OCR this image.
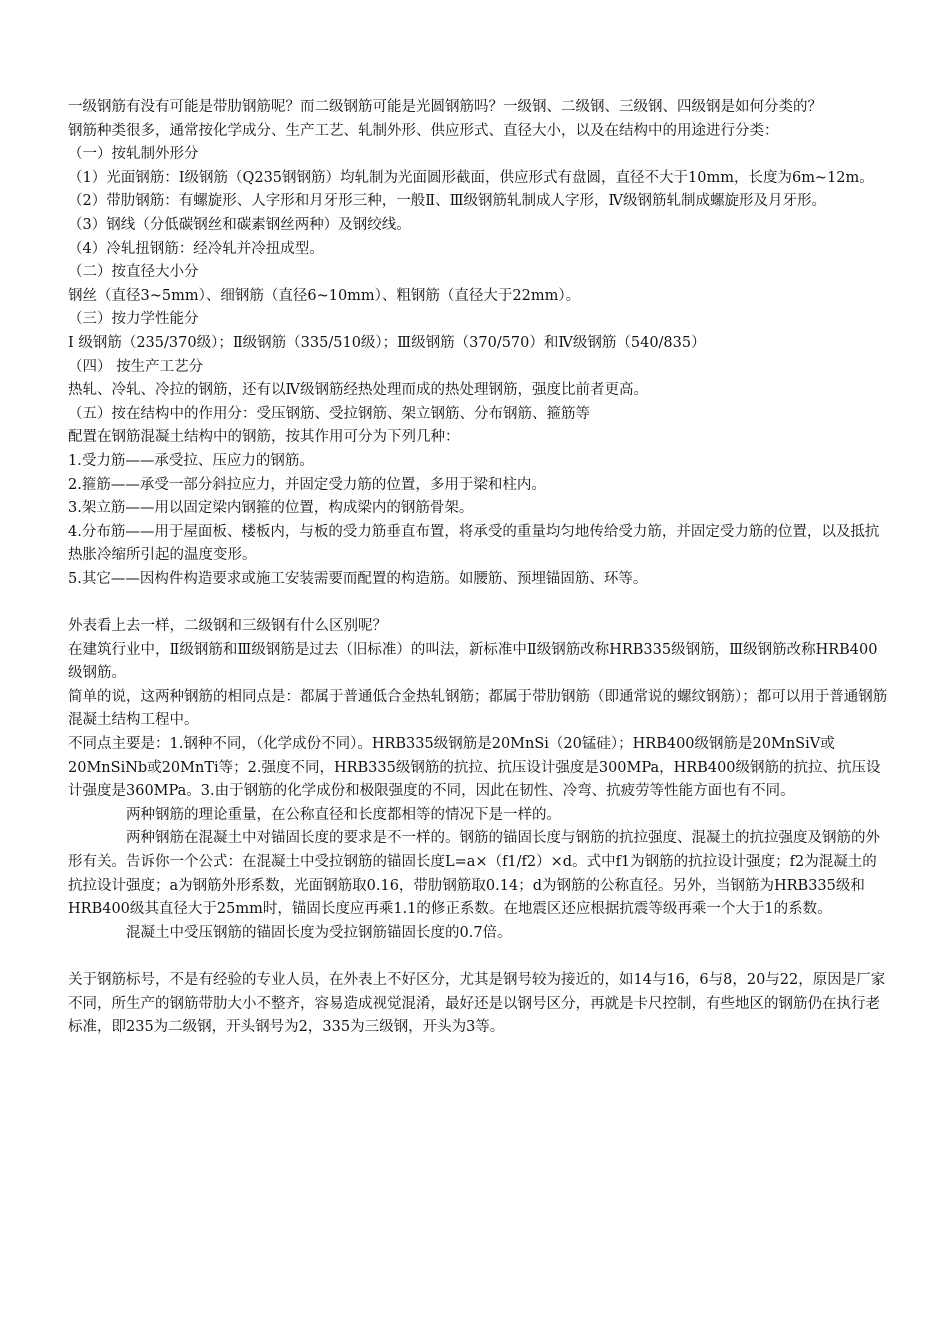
一级钢筋有没有可能是带肋钢筋呢？而二级钢筋可能是光圆钢筋吗？一级钢、二级钢、三级钢、四级钢是如何分类的？

钢筋种类很多，通常按化学成分、生产工艺、轧制外形、供应形式、直径大小，以及在结构中的用途进行分类：

（一）按轧制外形分

（1）光面钢筋：I级钢筋（Q235钢钢筋）均轧制为光面圆形截面，供应形式有盘圆，直径不大于10mm，长度为6m~12m。

（2）带肋钢筋：有螺旋形、人字形和月牙形三种，一般Ⅱ、Ⅲ级钢筋轧制成人字形，Ⅳ级钢筋轧制成螺旋形及月牙形。

（3）钢线（分低碳钢丝和碳素钢丝两种）及钢绞线。

（4）冷轧扭钢筋：经冷轧并冷扭成型。

（二）按直径大小分

钢丝（直径3~5mm）、细钢筋（直径6~10mm）、粗钢筋（直径大于22mm）。

（三）按力学性能分

Ⅰ 级钢筋（235/370级）；Ⅱ级钢筋（335/510级）；Ⅲ级钢筋（370/570）和Ⅳ级钢筋（540/835）

（四） 按生产工艺分

热轧、冷轧、冷拉的钢筋，还有以Ⅳ级钢筋经热处理而成的热处理钢筋，强度比前者更高。

（五）按在结构中的作用分：受压钢筋、受拉钢筋、架立钢筋、分布钢筋、箍筋等

配置在钢筋混凝土结构中的钢筋，按其作用可分为下列几种：

1.受力筋——承受拉、压应力的钢筋。

2.箍筋——承受一部分斜拉应力，并固定受力筋的位置，多用于梁和柱内。

3.架立筋——用以固定梁内钢箍的位置，构成梁内的钢筋骨架。

4.分布筋——用于屋面板、楼板内，与板的受力筋垂直布置，将承受的重量均匀地传给受力筋，并固定受力筋的位置，以及抵抗热胀冷缩所引起的温度变形。

5.其它——因构件构造要求或施工安装需要而配置的构造筋。如腰筋、预埋锚固筋、环等。

外表看上去一样，二级钢和三级钢有什么区别呢？

在建筑行业中，Ⅱ级钢筋和Ⅲ级钢筋是过去（旧标准）的叫法，新标准中Ⅱ级钢筋改称HRB335级钢筋，Ⅲ级钢筋改称HRB400级钢筋。

简单的说，这两种钢筋的相同点是：都属于普通低合金热轧钢筋；都属于带肋钢筋（即通常说的螺纹钢筋）；都可以用于普通钢筋混凝土结构工程中。

不同点主要是：1.钢种不同，（化学成份不同）。HRB335级钢筋是20MnSi（20锰硅）；HRB400级钢筋是20MnSiV或20MnSiNb或20MnTi等；2.强度不同，HRB335级钢筋的抗拉、抗压设计强度是300MPa，HRB400级钢筋的抗拉、抗压设计强度是360MPa。3.由于钢筋的化学成份和极限强度的不同，因此在韧性、冷弯、抗疲劳等性能方面也有不同。

两种钢筋的理论重量，在公称直径和长度都相等的情况下是一样的。

两种钢筋在混凝土中对锚固长度的要求是不一样的。钢筋的锚固长度与钢筋的抗拉强度、混凝土的抗拉强度及钢筋的外形有关。告诉你一个公式：在混凝土中受拉钢筋的锚固长度L=a×（f1/f2）×d。式中f1为钢筋的抗拉设计强度；f2为混凝土的抗拉设计强度；a为钢筋外形系数，光面钢筋取0.16，带肋钢筋取0.14；d为钢筋的公称直径。另外，当钢筋为HRB335级和HRB400级其直径大于25mm时，锚固长度应再乘1.1的修正系数。在地震区还应根据抗震等级再乘一个大于1的系数。

混凝土中受压钢筋的锚固长度为受拉钢筋锚固长度的0.7倍。

关于钢筋标号，不是有经验的专业人员，在外表上不好区分，尤其是钢号较为接近的，如14与16，6与8，20与22，原因是厂家不同，所生产的钢筋带肋大小不整齐，容易造成视觉混淆，最好还是以钢号区分，再就是卡尺控制，有些地区的钢筋仍在执行老标准，即235为二级钢，开头钢号为2，335为三级钢，开头为3等。
